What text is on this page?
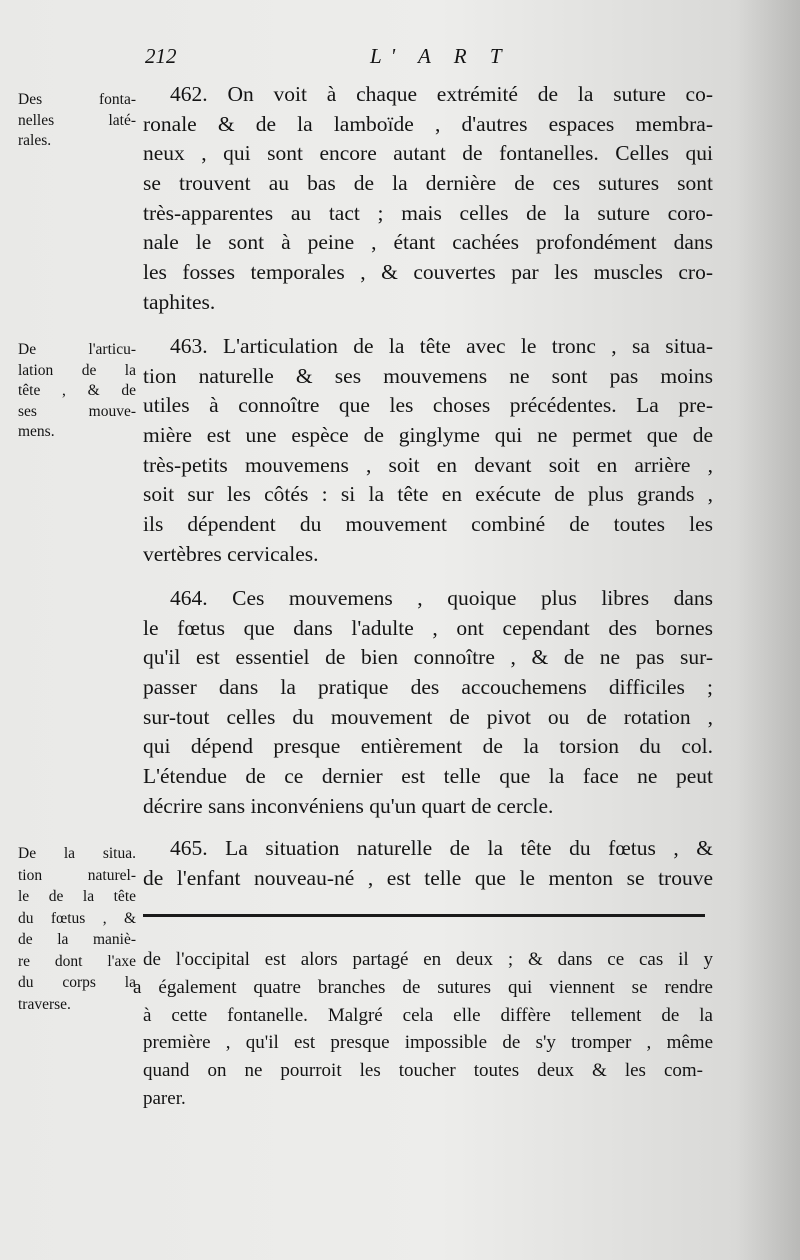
212	L' A R T
Des fonta-
nelles laté-
rales.
De l'articu-
lation de la
tête , & de
ses mouve-
mens.
De la situa.
tion naturel-
le de la tête
du fœtus , &
de la maniè-
re dont l'axe
du corps la
traverse.
462. On voit à chaque extrémité de la suture co-
ronale & de la lamboïde , d'autres espaces membra-
neux , qui sont encore autant de fontanelles. Celles qui
se trouvent au bas de la dernière de ces sutures sont
très-apparentes au tact ; mais celles de la suture coro-
nale le sont à peine , étant cachées profondément dans
les fosses temporales , & couvertes par les muscles cro-
taphites.
463. L'articulation de la tête avec le tronc , sa situa-
tion naturelle & ses mouvemens ne sont pas moins
utiles à connoître que les choses précédentes. La pre-
mière est une espèce de ginglyme qui ne permet que de
très-petits mouvemens , soit en devant soit en arrière ,
soit sur les côtés : si la tête en exécute de plus grands ,
ils dépendent du mouvement combiné de toutes les
vertèbres cervicales.
464. Ces mouvemens , quoique plus libres dans
le fœtus que dans l'adulte , ont cependant des bornes
qu'il est essentiel de bien connoître , & de ne pas sur-
passer dans la pratique des accouchemens difficiles ;
sur-tout celles du mouvement de pivot ou de rotation ,
qui dépend presque entièrement de la torsion du col.
L'étendue de ce dernier est telle que la face ne peut
décrire sans inconvéniens qu'un quart de cercle.
465. La situation naturelle de la tête du fœtus , &
de l'enfant nouveau-né , est telle que le menton se trouve
de l'occipital est alors partagé en deux ; & dans ce cas il y
a également quatre branches de sutures qui viennent se rendre
à cette fontanelle. Malgré cela elle diffère tellement de la
première , qu'il est presque impossible de s'y tromper , même
quand on ne pourroit les toucher toutes deux & les com-
parer.
